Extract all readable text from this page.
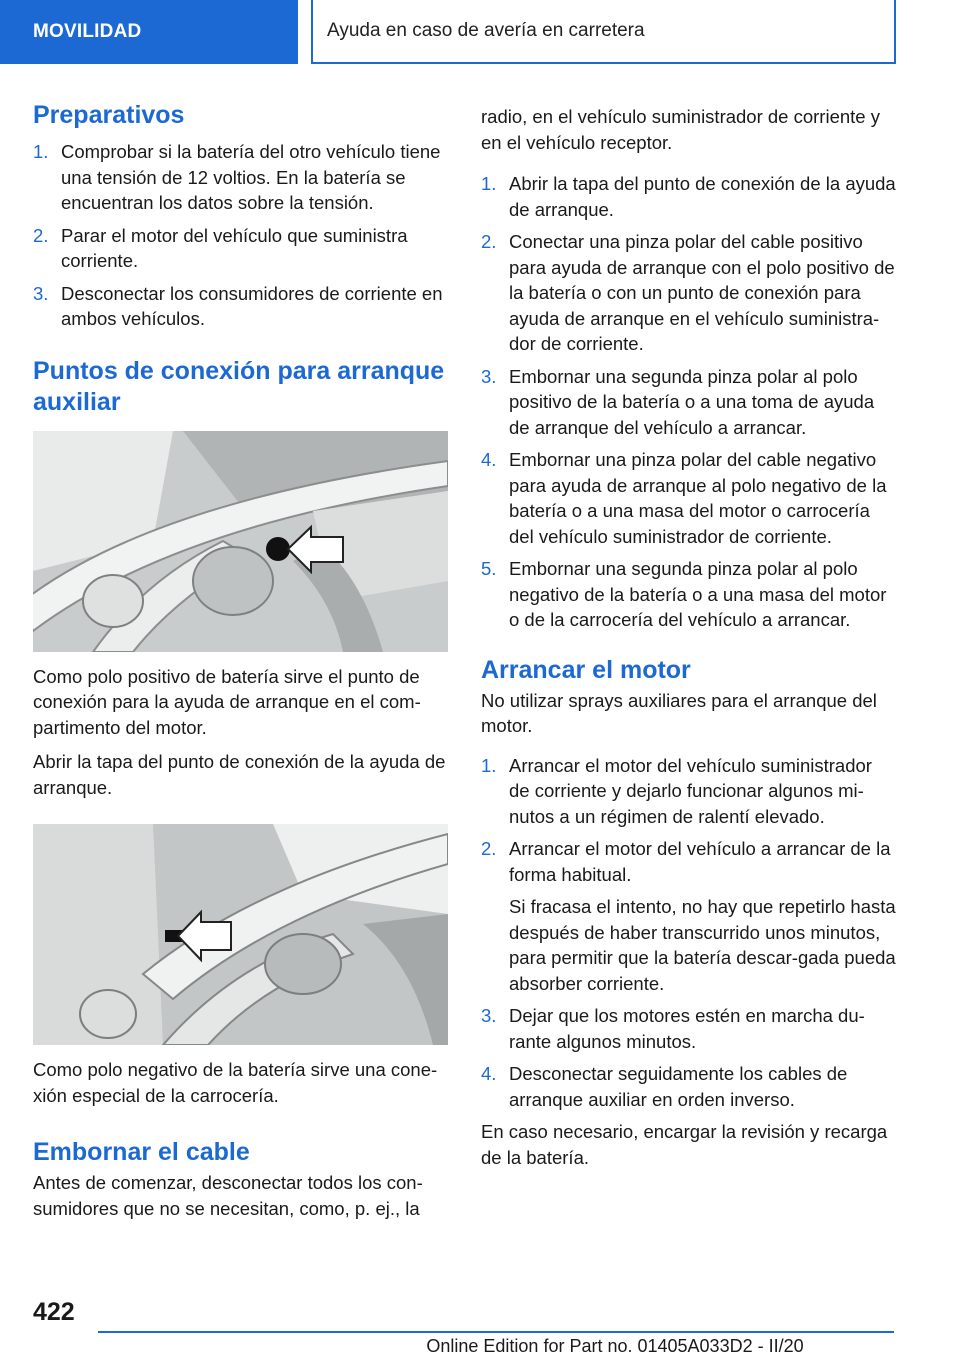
MOVILIDAD	Ayuda en caso de avería en carretera
Preparativos
1. Comprobar si la batería del otro vehículo tiene una tensión de 12 voltios. En la batería se encuentran los datos sobre la tensión.
2. Parar el motor del vehículo que suministra corriente.
3. Desconectar los consumidores de corriente en ambos vehículos.
Puntos de conexión para arranque auxiliar

Como polo positivo de batería sirve el punto de conexión para la ayuda de arranque en el com-partimento del motor.

Abrir la tapa del punto de conexión de la ayuda de arranque.

Como polo negativo de la batería sirve una cone-xión especial de la carrocería.

Embornar el cable

Antes de comenzar, desconectar todos los con-sumidores que no se necesitan, como, p. ej., la

radio, en el vehículo suministrador de corriente y en el vehículo receptor.

1. Abrir la tapa del punto de conexión de la ayuda de arranque.
2. Conectar una pinza polar del cable positivo para ayuda de arranque con el polo positivo de la batería o con un punto de conexión para ayuda de arranque en el vehículo suministra-dor de corriente.
3. Embornar una segunda pinza polar al polo positivo de la batería o a una toma de ayuda de arranque del vehículo a arrancar.
4. Embornar una pinza polar del cable negativo para ayuda de arranque al polo negativo de la batería o a una masa del motor o carrocería del vehículo suministrador de corriente.
5. Embornar una segunda pinza polar al polo negativo de la batería o a una masa del motor o de la carrocería del vehículo a arrancar.
Arrancar el motor

No utilizar sprays auxiliares para el arranque del motor.

1. Arrancar el motor del vehículo suministrador de corriente y dejarlo funcionar algunos mi-nutos a un régimen de ralentí elevado.
2. Arrancar el motor del vehículo a arrancar de la forma habitual.
Si fracasa el intento, no hay que repetirlo hasta después de haber transcurrido unos minutos, para permitir que la batería descar-gada pueda absorber corriente.
3. Dejar que los motores estén en marcha du-rante algunos minutos.
4. Desconectar seguidamente los cables de arranque auxiliar en orden inverso.

En caso necesario, encargar la revisión y recarga de la batería.

422
Online Edition for Part no. 01405A033D2 - II/20
